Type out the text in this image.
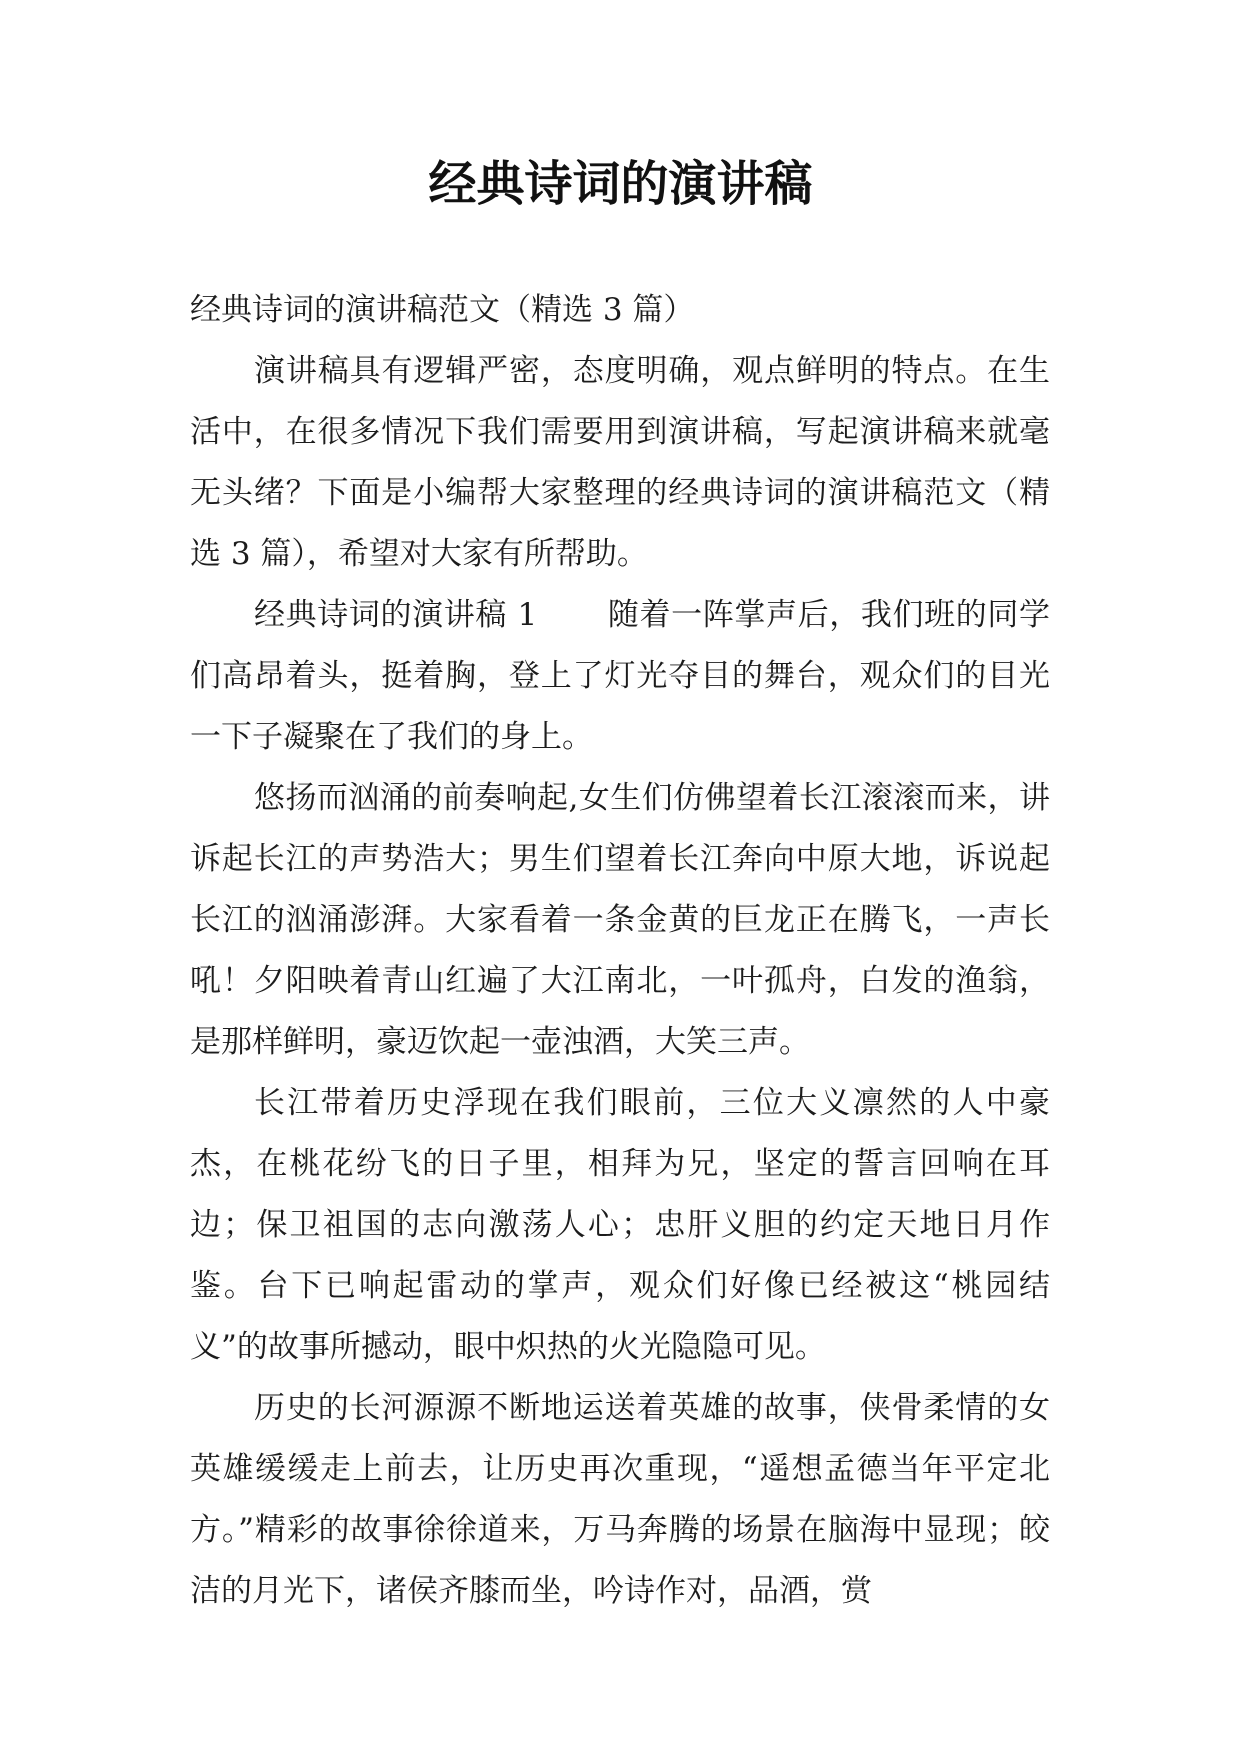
经典诗词的演讲稿

经典诗词的演讲稿范文（精选 3 篇）

演讲稿具有逻辑严密，态度明确，观点鲜明的特点。在生活中，在很多情况下我们需要用到演讲稿，写起演讲稿来就毫无头绪？下面是小编帮大家整理的经典诗词的演讲稿范文（精选 3 篇），希望对大家有所帮助。

经典诗词的演讲稿 1 随着一阵掌声后，我们班的同学们高昂着头，挺着胸，登上了灯光夺目的舞台，观众们的目光一下子凝聚在了我们的身上。

悠扬而汹涌的前奏响起,女生们仿佛望着长江滚滚而来，讲诉起长江的声势浩大；男生们望着长江奔向中原大地，诉说起长江的汹涌澎湃。大家看着一条金黄的巨龙正在腾飞，一声长吼！夕阳映着青山红遍了大江南北，一叶孤舟，白发的渔翁，是那样鲜明，豪迈饮起一壶浊酒，大笑三声。

长江带着历史浮现在我们眼前，三位大义凛然的人中豪杰，在桃花纷飞的日子里，相拜为兄，坚定的誓言回响在耳边；保卫祖国的志向激荡人心；忠肝义胆的约定天地日月作鉴。台下已响起雷动的掌声，观众们好像已经被这“桃园结义”的故事所撼动，眼中炽热的火光隐隐可见。

历史的长河源源不断地运送着英雄的故事，侠骨柔情的女英雄缓缓走上前去，让历史再次重现，“遥想孟德当年平定北方。”精彩的故事徐徐道来，万马奔腾的场景在脑海中显现；皎洁的月光下，诸侯齐膝而坐，吟诗作对，品酒，赏
